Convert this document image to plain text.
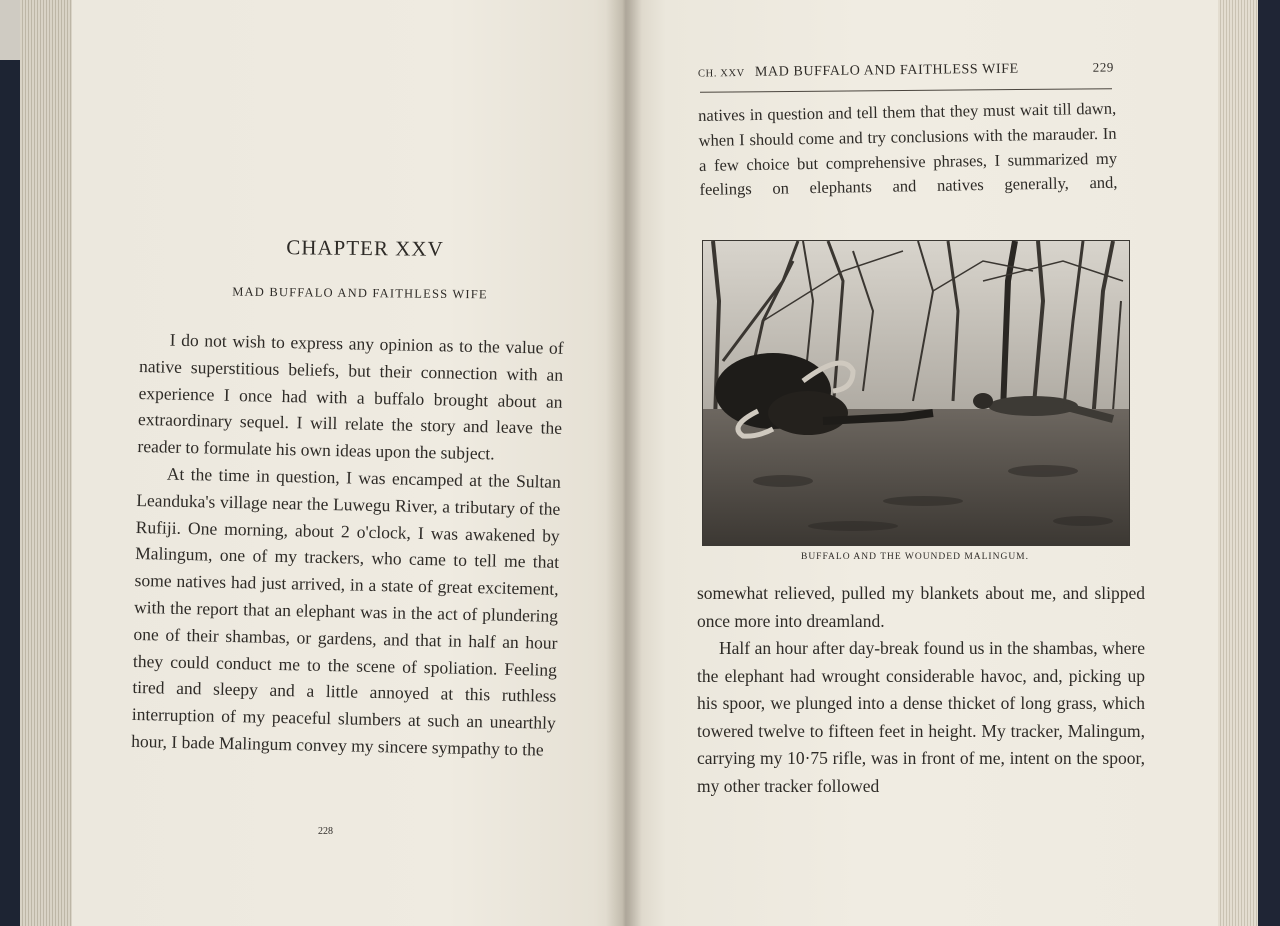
CHAPTER XXV
MAD BUFFALO AND FAITHLESS WIFE

I do not wish to express any opinion as to the value of native superstitious beliefs, but their connection with an experience I once had with a buffalo brought about an extraordinary sequel. I will relate the story and leave the reader to formulate his own ideas upon the subject.

At the time in question, I was encamped at the Sultan Leanduka's village near the Luwegu River, a tributary of the Rufiji. One morning, about 2 o'clock, I was awakened by Malingum, one of my trackers, who came to tell me that some natives had just arrived, in a state of great excitement, with the report that an elephant was in the act of plundering one of their shambas, or gardens, and that in half an hour they could conduct me to the scene of spoliation. Feeling tired and sleepy and a little annoyed at this ruthless interruption of my peaceful slumbers at such an unearthly hour, I bade Malingum convey my sincere sympathy to the

228
CH. XXV MAD BUFFALO AND FAITHLESS WIFE	229
natives in question and tell them that they must wait till dawn, when I should come and try conclusions with the marauder. In a few choice but comprehensive phrases, I summarized my feelings on elephants and natives generally, and,
BUFFALO AND THE WOUNDED MALINGUM.

somewhat relieved, pulled my blankets about me, and slipped once more into dreamland.

Half an hour after day-break found us in the shambas, where the elephant had wrought considerable havoc, and, picking up his spoor, we plunged into a dense thicket of long grass, which towered twelve to fifteen feet in height. My tracker, Malingum, carrying my 10·75 rifle, was in front of me, intent on the spoor, my other tracker followed
